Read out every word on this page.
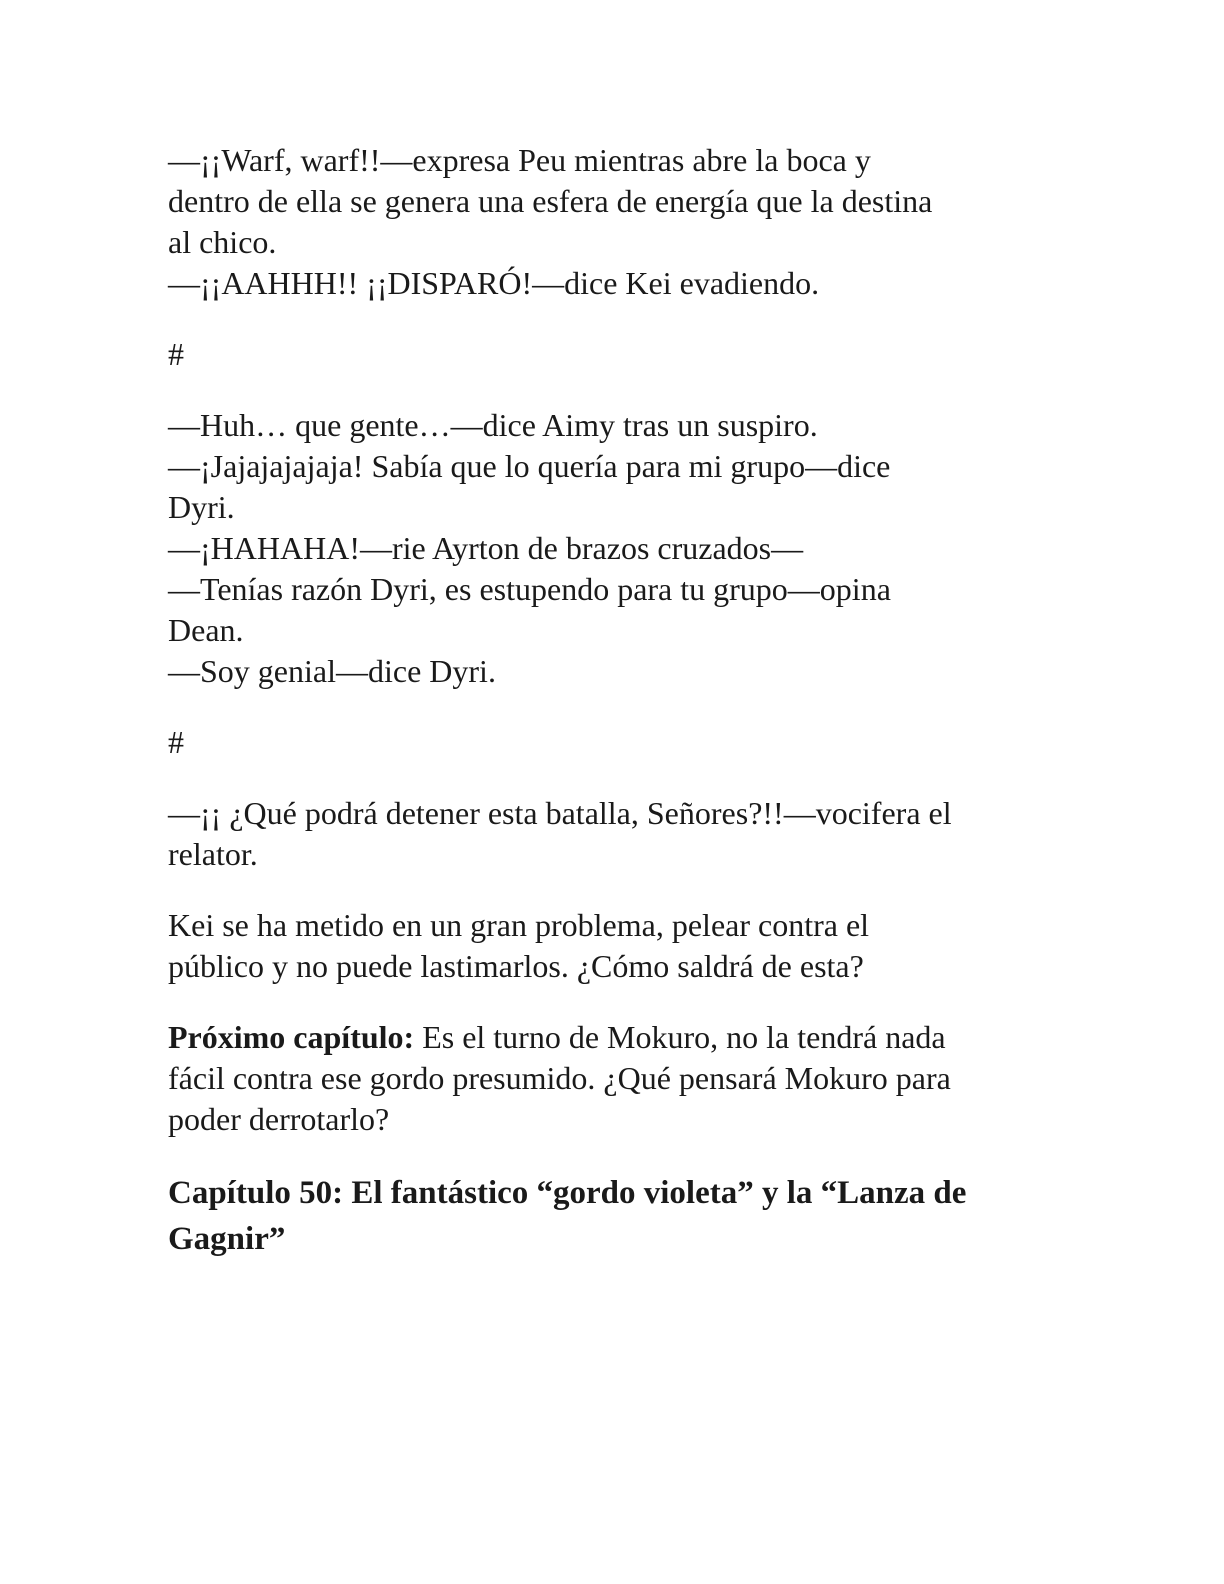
—¡¡Warf, warf!!—expresa Peu mientras abre la boca y

dentro de ella se genera una esfera de energía que la destina

al chico.

—¡¡AAHHH!! ¡¡DISPARÓ!—dice Kei evadiendo.

#

—Huh… que gente…—dice Aimy tras un suspiro.

—¡Jajajajajaja! Sabía que lo quería para mi grupo—dice

Dyri.

—¡HAHAHA!—rie Ayrton de brazos cruzados—

—Tenías razón Dyri, es estupendo para tu grupo—opina

Dean.

—Soy genial—dice Dyri.

#

—¡¡ ¿Qué podrá detener esta batalla, Señores?!!—vocifera el

relator.

Kei se ha metido en un gran problema, pelear contra el

público y no puede lastimarlos. ¿Cómo saldrá de esta?

Próximo capítulo: Es el turno de Mokuro, no la tendrá nada

fácil contra ese gordo presumido. ¿Qué pensará Mokuro para

poder derrotarlo?

Capítulo 50: El fantástico “gordo violeta” y la “Lanza de

Gagnir”
